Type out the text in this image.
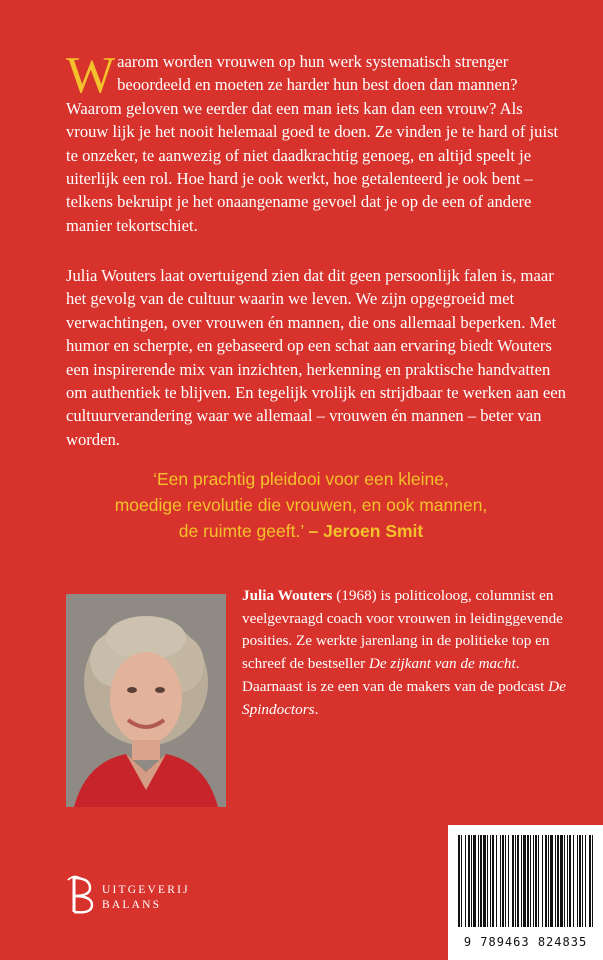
Waarom worden vrouwen op hun werk systematisch strenger beoordeeld en moeten ze harder hun best doen dan mannen? Waarom geloven we eerder dat een man iets kan dan een vrouw? Als vrouw lijk je het nooit helemaal goed te doen. Ze vinden je te hard of juist te onzeker, te aanwezig of niet daadkrachtig genoeg, en altijd speelt je uiterlijk een rol. Hoe hard je ook werkt, hoe getalenteerd je ook bent – telkens bekruipt je het onaangename gevoel dat je op de een of andere manier tekortschiet.

Julia Wouters laat overtuigend zien dat dit geen persoonlijk falen is, maar het gevolg van de cultuur waarin we leven. We zijn opgegroeid met verwachtingen, over vrouwen én mannen, die ons allemaal beperken. Met humor en scherpte, en gebaseerd op een schat aan ervaring biedt Wouters een inspirerende mix van inzichten, herkenning en praktische handvatten om authentiek te blijven. En tegelijk vrolijk en strijdbaar te werken aan een cultuurverandering waar we allemaal – vrouwen én mannen – beter van worden.

‘Een prachtig pleidooi voor een kleine,
moedige revolutie die vrouwen, en ook mannen,
de ruimte geeft.’ – Jeroen Smit

Julia Wouters (1968) is politicoloog, columnist en veelgevraagd coach voor vrouwen in leidinggevende posities. Ze werkte jarenlang in de politieke top en schreef de bestseller De zijkant van de macht. Daarnaast is ze een van de makers van de podcast De Spindoctors.

UITGEVERIJ
BALANS
9 789463 824835
